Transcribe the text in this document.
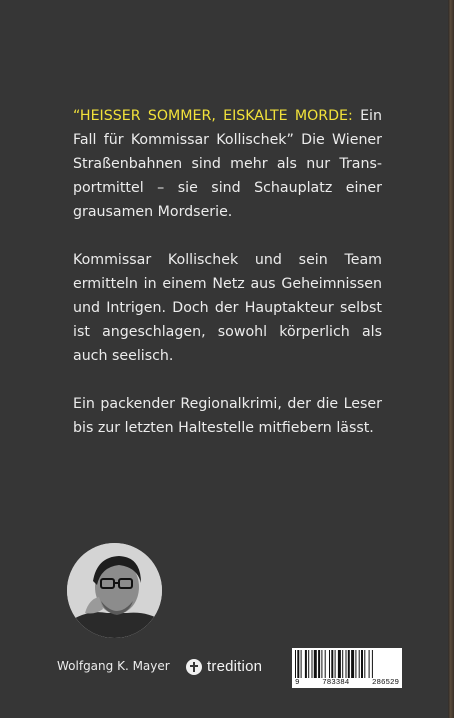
“HEISSER SOMMER, EISKALTE MORDE: Ein Fall für Kommissar Kollischek” Die Wiener Straßenbahnen sind mehr als nur Transportmittel – sie sind Schauplatz einer grausamen Mordserie.

Kommissar Kollischek und sein Team ermitteln in einem Netz aus Geheimnissen und Intrigen. Doch der Hauptakteur selbst ist angeschlagen, sowohl körperlich als auch seelisch.

Ein packender Regionalkrimi, der die Leser bis zur letzten Haltestelle mitfiebern lässt.

Wolfgang K. Mayer tredition
9	783384	286529
